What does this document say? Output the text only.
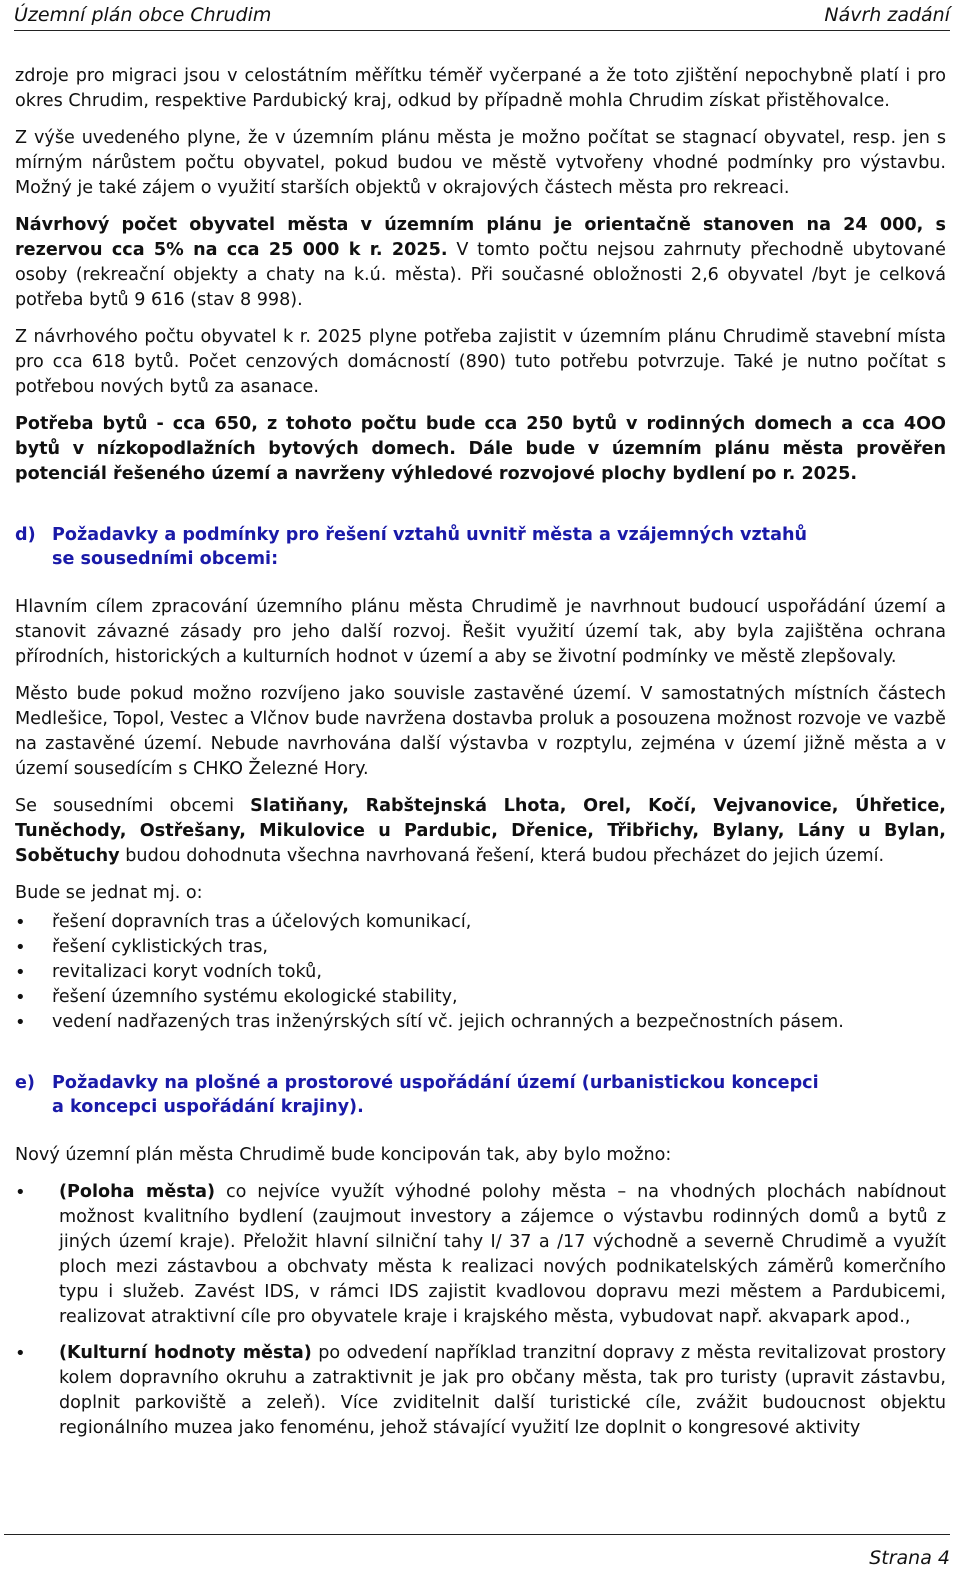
Územní plán obce Chrudim	Návrh zadání

zdroje pro migraci jsou v celostátním měřítku téměř vyčerpané a že toto zjištění nepochybně platí i pro okres Chrudim, respektive Pardubický kraj, odkud by případně mohla Chrudim získat přistěhovalce.

Z výše uvedeného plyne, že v územním plánu města je možno počítat se stagnací obyvatel, resp. jen s mírným nárůstem počtu obyvatel, pokud budou ve městě vytvořeny vhodné podmínky pro výstavbu. Možný je také zájem o využití starších objektů v okrajových částech města pro rekreaci.

Návrhový počet obyvatel města v územním plánu je orientačně stanoven na 24 000, s rezervou cca 5% na cca 25 000 k r. 2025. V tomto počtu nejsou zahrnuty přechodně ubytované osoby (rekreační objekty a chaty na k.ú. města). Při současné obložnosti 2,6 obyvatel /byt je celková potřeba bytů 9 616 (stav 8 998).

Z návrhového počtu obyvatel k r. 2025 plyne potřeba zajistit v územním plánu Chrudimě stavební místa pro cca 618 bytů. Počet cenzových domácností (890) tuto potřebu potvrzuje. Také je nutno počítat s potřebou nových bytů za asanace.

Potřeba bytů - cca 650, z tohoto počtu bude cca 250 bytů v rodinných domech a cca 4OO bytů v nízkopodlažních bytových domech. Dále bude v územním plánu města prověřen potenciál řešeného území a navrženy výhledové rozvojové plochy bydlení po r. 2025.

d) Požadavky a podmínky pro řešení vztahů uvnitř města a vzájemných vztahů
se sousedními obcemi:

Hlavním cílem zpracování územního plánu města Chrudimě je navrhnout budoucí uspořádání území a stanovit závazné zásady pro jeho další rozvoj. Řešit využití území tak, aby byla zajištěna ochrana přírodních, historických a kulturních hodnot v území a aby se životní podmínky ve městě zlepšovaly.

Město bude pokud možno rozvíjeno jako souvisle zastavěné území. V samostatných místních částech Medlešice, Topol, Vestec a Vlčnov bude navržena dostavba proluk a posouzena možnost rozvoje ve vazbě na zastavěné území. Nebude navrhována další výstavba v rozptylu, zejména v území jižně města a v území sousedícím s CHKO Železné Hory.

Se sousedními obcemi Slatiňany, Rabštejnská Lhota, Orel, Kočí, Vejvanovice, Úhřetice, Tuněchody, Ostřešany, Mikulovice u Pardubic, Dřenice, Třibřichy, Bylany, Lány u Bylan, Sobětuchy budou dohodnuta všechna navrhovaná řešení, která budou přecházet do jejich území.

Bude se jednat mj. o:

• řešení dopravních tras a účelových komunikací,
• řešení cyklistických tras,
• revitalizaci koryt vodních toků,
• řešení územního systému ekologické stability,
• vedení nadřazených tras inženýrských sítí vč. jejich ochranných a bezpečnostních pásem.
e) Požadavky na plošné a prostorové uspořádání území (urbanistickou koncepci
a koncepci uspořádání krajiny).

Nový územní plán města Chrudimě bude koncipován tak, aby bylo možno:

• (Poloha města) co nejvíce využít výhodné polohy města – na vhodných plochách nabídnout možnost kvalitního bydlení (zaujmout investory a zájemce o výstavbu rodinných domů a bytů z jiných území kraje). Přeložit hlavní silniční tahy I/ 37 a /17 východně a severně Chrudimě a využít ploch mezi zástavbou a obchvaty města k realizaci nových podnikatelských záměrů komerčního typu i služeb. Zavést IDS, v rámci IDS zajistit kvadlovou dopravu mezi městem a Pardubicemi, realizovat atraktivní cíle pro obyvatele kraje i krajského města, vybudovat např. akvapark apod.,
• (Kulturní hodnoty města) po odvedení například tranzitní dopravy z města revitalizovat prostory kolem dopravního okruhu a zatraktivnit je jak pro občany města, tak pro turisty (upravit zástavbu, doplnit parkoviště a zeleň). Více zviditelnit další turistické cíle, zvážit budoucnost objektu regionálního muzea jako fenoménu, jehož stávající využití lze doplnit o kongresové aktivity
Strana 4
